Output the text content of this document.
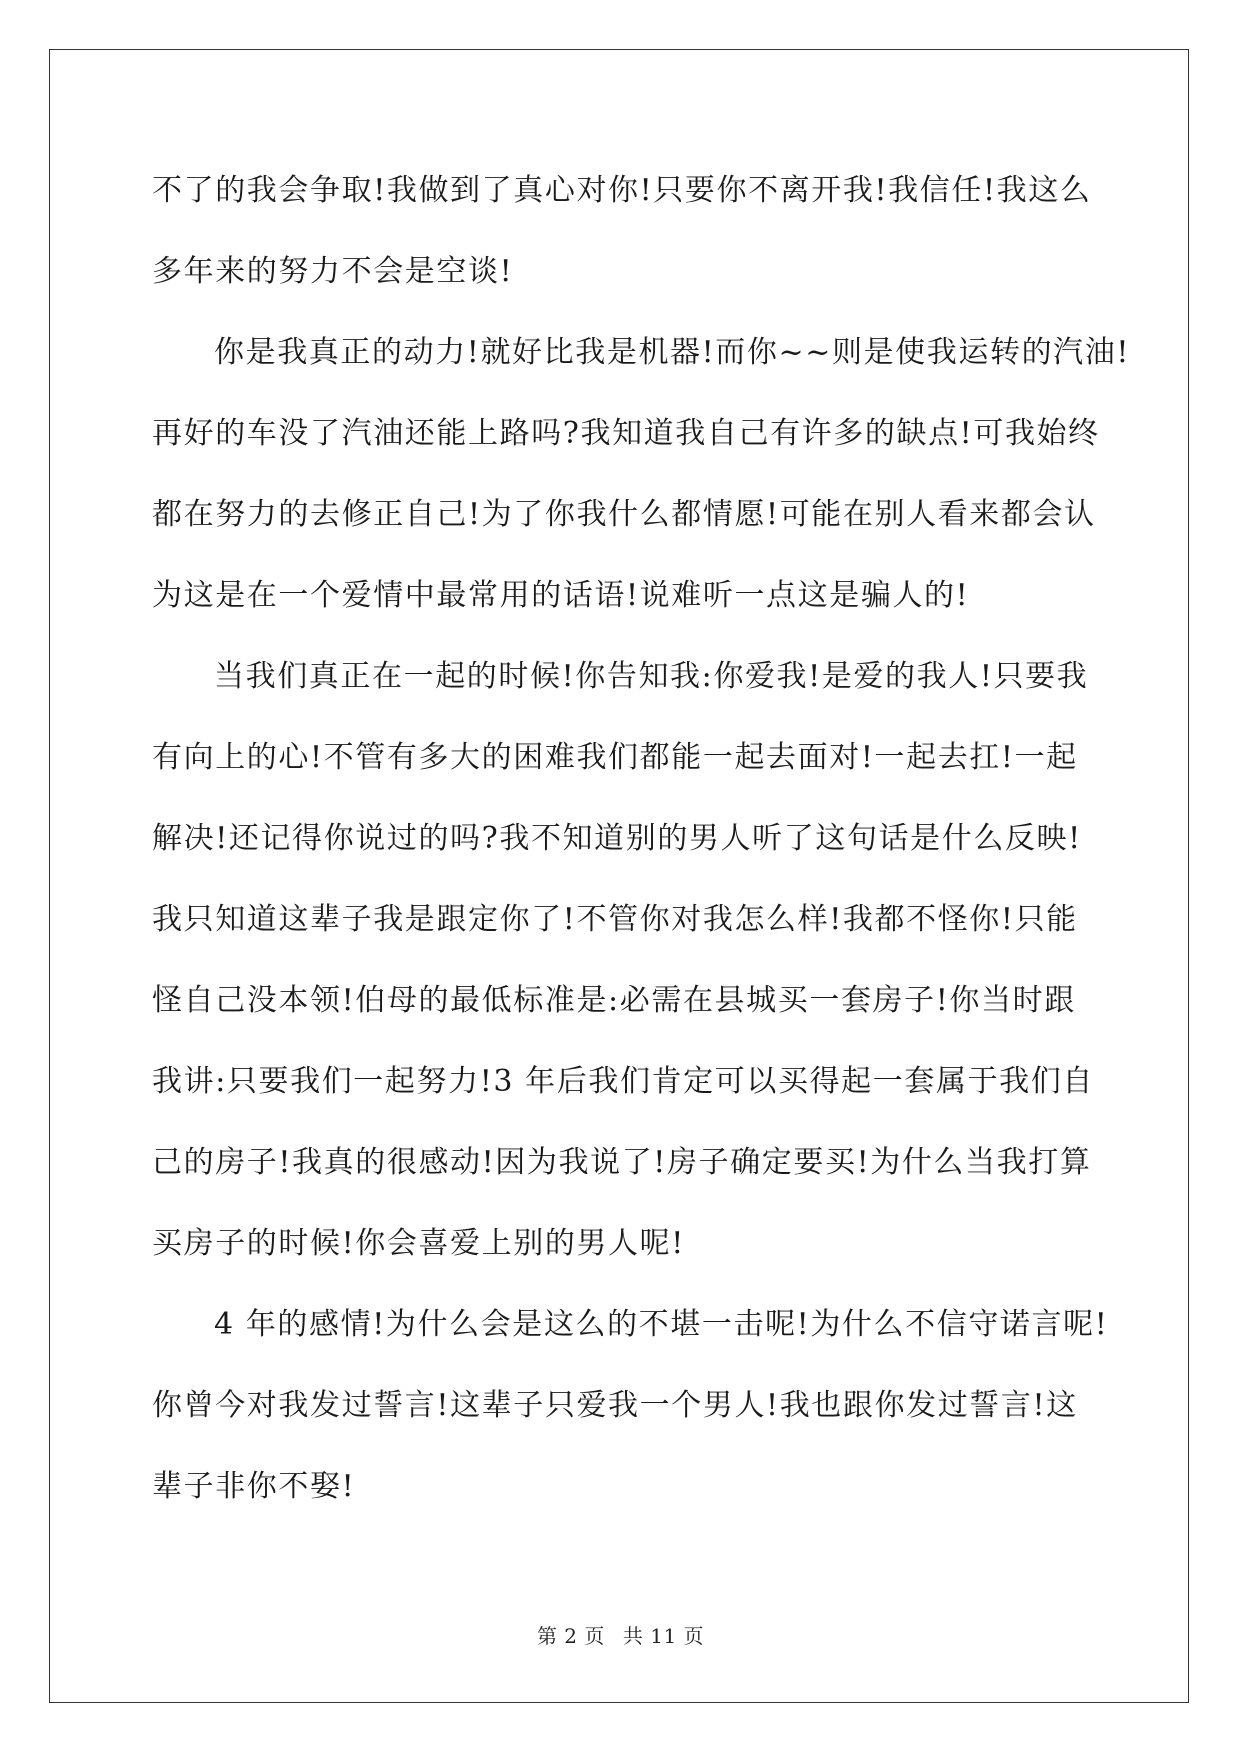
不了的我会争取!我做到了真心对你!只要你不离开我!我信任!我这么
多年来的努力不会是空谈!
你是我真正的动力!就好比我是机器!而你~~则是使我运转的汽油!
再好的车没了汽油还能上路吗?我知道我自己有许多的缺点!可我始终
都在努力的去修正自己!为了你我什么都情愿!可能在别人看来都会认
为这是在一个爱情中最常用的话语!说难听一点这是骗人的!
当我们真正在一起的时候!你告知我:你爱我!是爱的我人!只要我
有向上的心!不管有多大的困难我们都能一起去面对!一起去扛!一起
解决!还记得你说过的吗?我不知道别的男人听了这句话是什么反映!
我只知道这辈子我是跟定你了!不管你对我怎么样!我都不怪你!只能
怪自己没本领!伯母的最低标准是:必需在县城买一套房子!你当时跟
我讲:只要我们一起努力!3 年后我们肯定可以买得起一套属于我们自
己的房子!我真的很感动!因为我说了!房子确定要买!为什么当我打算
买房子的时候!你会喜爱上别的男人呢!
4 年的感情!为什么会是这么的不堪一击呢!为什么不信守诺言呢!
你曾今对我发过誓言!这辈子只爱我一个男人!我也跟你发过誓言!这
辈子非你不娶!
第 2 页 共 11 页
